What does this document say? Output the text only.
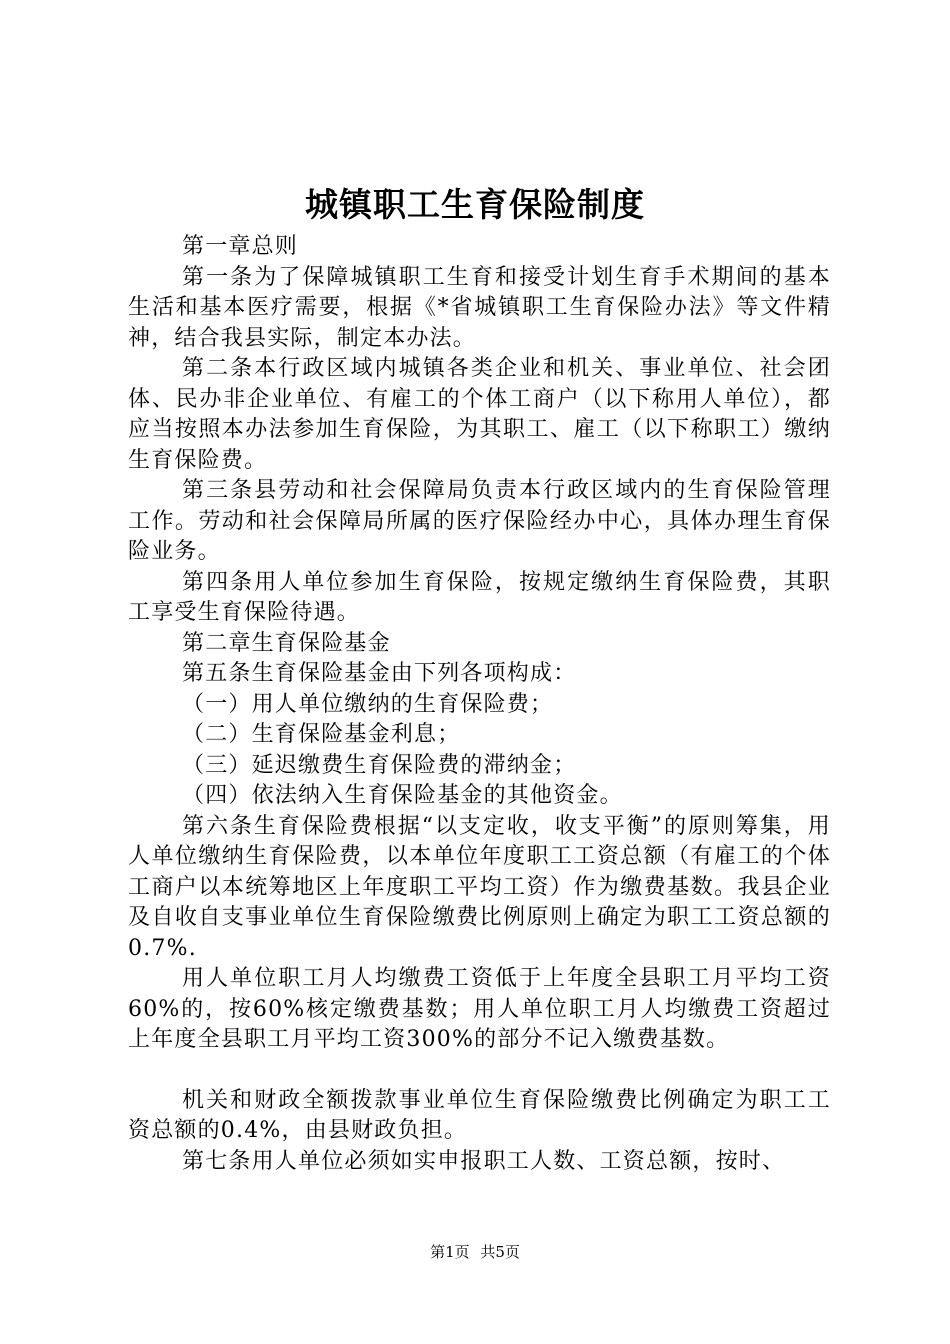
城镇职工生育保险制度

第一章总则

第一条为了保障城镇职工生育和接受计划生育手术期间的基本生活和基本医疗需要，根据《*省城镇职工生育保险办法》等文件精神，结合我县实际，制定本办法。

第二条本行政区域内城镇各类企业和机关、事业单位、社会团体、民办非企业单位、有雇工的个体工商户（以下称用人单位），都应当按照本办法参加生育保险，为其职工、雇工（以下称职工）缴纳生育保险费。

第三条县劳动和社会保障局负责本行政区域内的生育保险管理工作。劳动和社会保障局所属的医疗保险经办中心，具体办理生育保险业务。

第四条用人单位参加生育保险，按规定缴纳生育保险费，其职工享受生育保险待遇。

第二章生育保险基金

第五条生育保险基金由下列各项构成：

（一）用人单位缴纳的生育保险费；

（二）生育保险基金利息；

（三）延迟缴费生育保险费的滞纳金；

（四）依法纳入生育保险基金的其他资金。

第六条生育保险费根据“以支定收，收支平衡”的原则筹集，用人单位缴纳生育保险费，以本单位年度职工工资总额（有雇工的个体工商户以本统筹地区上年度职工平均工资）作为缴费基数。我县企业及自收自支事业单位生育保险缴费比例原则上确定为职工工资总额的0.7%.

用人单位职工月人均缴费工资低于上年度全县职工月平均工资60%的，按60%核定缴费基数；用人单位职工月人均缴费工资超过上年度全县职工月平均工资300%的部分不记入缴费基数。

机关和财政全额拨款事业单位生育保险缴费比例确定为职工工资总额的0.4%，由县财政负担。

第七条用人单位必须如实申报职工人数、工资总额，按时、

第1页 共5页
